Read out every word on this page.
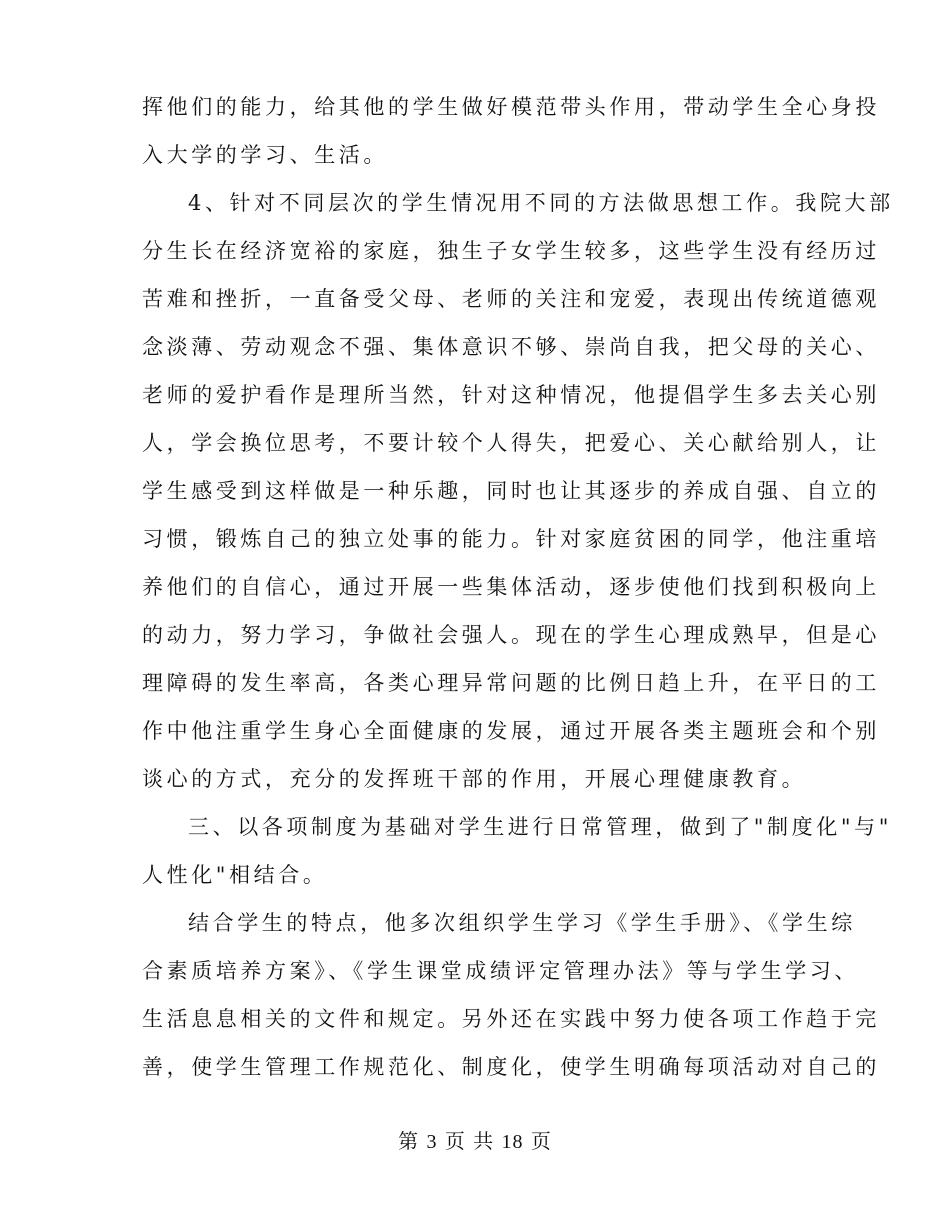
挥他们的能力，给其他的学生做好模范带头作用，带动学生全心身投
入大学的学习、生活。
4、针对不同层次的学生情况用不同的方法做思想工作。我院大部
分生长在经济宽裕的家庭，独生子女学生较多，这些学生没有经历过
苦难和挫折，一直备受父母、老师的关注和宠爱，表现出传统道德观
念淡薄、劳动观念不强、集体意识不够、崇尚自我，把父母的关心、
老师的爱护看作是理所当然，针对这种情况，他提倡学生多去关心别
人，学会换位思考，不要计较个人得失，把爱心、关心献给别人，让
学生感受到这样做是一种乐趣，同时也让其逐步的养成自强、自立的
习惯，锻炼自己的独立处事的能力。针对家庭贫困的同学，他注重培
养他们的自信心，通过开展一些集体活动，逐步使他们找到积极向上
的动力，努力学习，争做社会强人。现在的学生心理成熟早，但是心
理障碍的发生率高，各类心理异常问题的比例日趋上升，在平日的工
作中他注重学生身心全面健康的发展，通过开展各类主题班会和个别
谈心的方式，充分的发挥班干部的作用，开展心理健康教育。
三、以各项制度为基础对学生进行日常管理，做到了"制度化"与"
人性化"相结合。
结合学生的特点，他多次组织学生学习《学生手册》、《学生综
合素质培养方案》、《学生课堂成绩评定管理办法》等与学生学习、
生活息息相关的文件和规定。另外还在实践中努力使各项工作趋于完
善，使学生管理工作规范化、制度化，使学生明确每项活动对自己的
第 3 页 共 18 页
